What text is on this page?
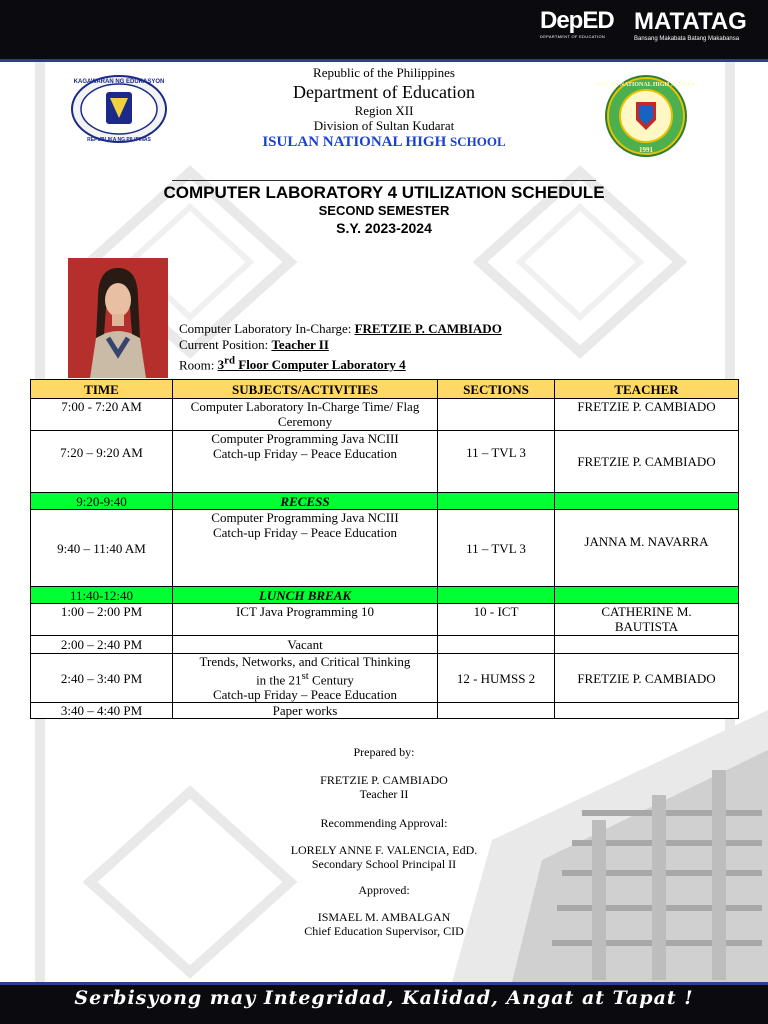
DepED
DEPARTMENT OF EDUCATION
MATATAG
Bansang Makabata Batang Makabansa
KAGAWARAN NG EDUKASYON
REPUBLIKA NG PILIPINAS
ISULAN NATIONAL HIGH SCHOOL
1991
Republic of the Philippines
Department of Education
Region XII
Division of Sultan Kudarat
ISULAN NATIONAL HIGH SCHOOL
COMPUTER LABORATORY 4 UTILIZATION SCHEDULE
SECOND SEMESTER
S.Y. 2023-2024
Computer Laboratory In-Charge: FRETZIE P. CAMBIADO
Current Position: Teacher II
Room: 3rd Floor Computer Laboratory 4
TIME	SUBJECTS/ACTIVITIES	SECTIONS	TEACHER
7:00 - 7:20 AM	Computer Laboratory In-Charge Time/ Flag
Ceremony		FRETZIE P. CAMBIADO
7:20 – 9:20 AM	Computer Programming Java NCIII
Catch-up Friday – Peace Education	11 – TVL 3	FRETZIE P. CAMBIADO
9:20-9:40	RECESS		
9:40 – 11:40 AM	Computer Programming Java NCIII
Catch-up Friday – Peace Education	11 – TVL 3	JANNA M. NAVARRA
11:40-12:40	LUNCH BREAK		
1:00 – 2:00 PM	ICT Java Programming 10	10 - ICT	CATHERINE M.
BAUTISTA

2:00 – 2:40 PM	Vacant		
2:40 – 3:40 PM	Trends, Networks, and Critical Thinking
in the 21st Century
Catch-up Friday – Peace Education	12 - HUMSS 2	FRETZIE P. CAMBIADO
3:40 – 4:40 PM	Paper works		
Prepared by:
FRETZIE P. CAMBIADO
Teacher II
Recommending Approval:
LORELY ANNE F. VALENCIA, EdD.
Secondary School Principal II
Approved:
ISMAEL M. AMBALGAN
Chief Education Supervisor, CID
Serbisyong may Integridad, Kalidad, Angat at Tapat !
